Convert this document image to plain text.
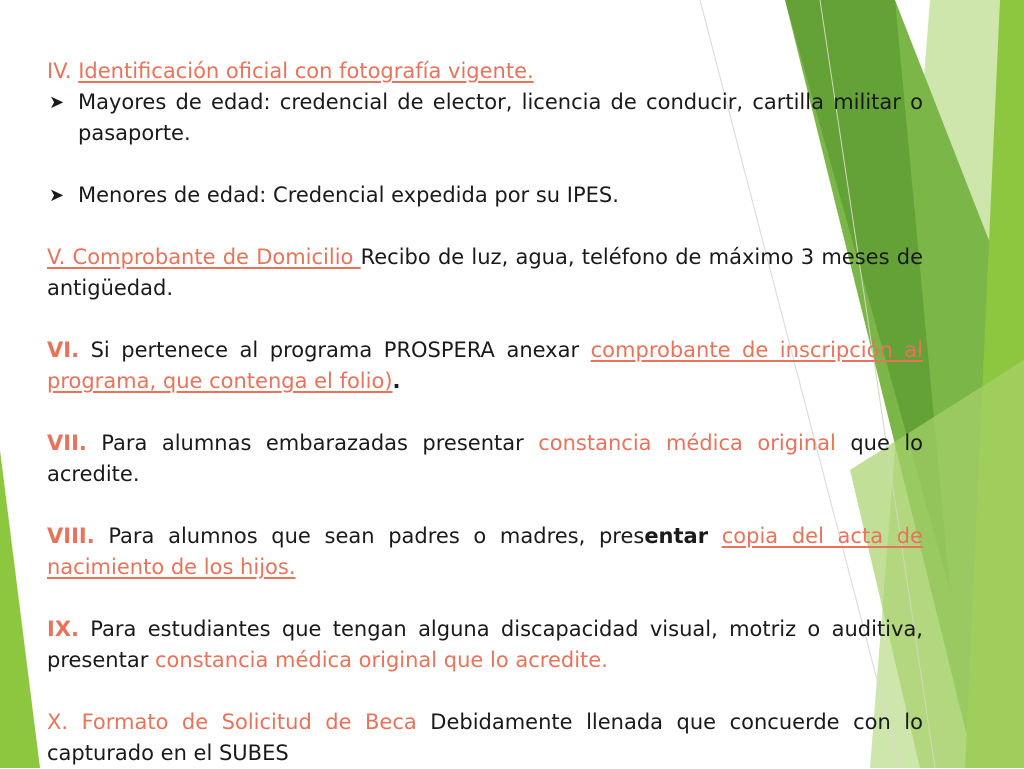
IV. Identificación oficial con fotografía vigente.

➤ Mayores de edad: credencial de elector, licencia de conducir, cartilla militar o pasaporte.

➤ Menores de edad: Credencial expedida por su IPES.

V. Comprobante de Domicilio Recibo de luz, agua, teléfono de máximo 3 meses de antigüedad.

VI. Si pertenece al programa PROSPERA anexar comprobante de inscripción al programa, que contenga el folio).

VII. Para alumnas embarazadas presentar constancia médica original que lo acredite.

VIII. Para alumnos que sean padres o madres, presentar copia del acta de nacimiento de los hijos.

IX. Para estudiantes que tengan alguna discapacidad visual, motriz o auditiva, presentar constancia médica original que lo acredite.

X. Formato de Solicitud de Beca Debidamente llenada que concuerde con lo capturado en el SUBES
